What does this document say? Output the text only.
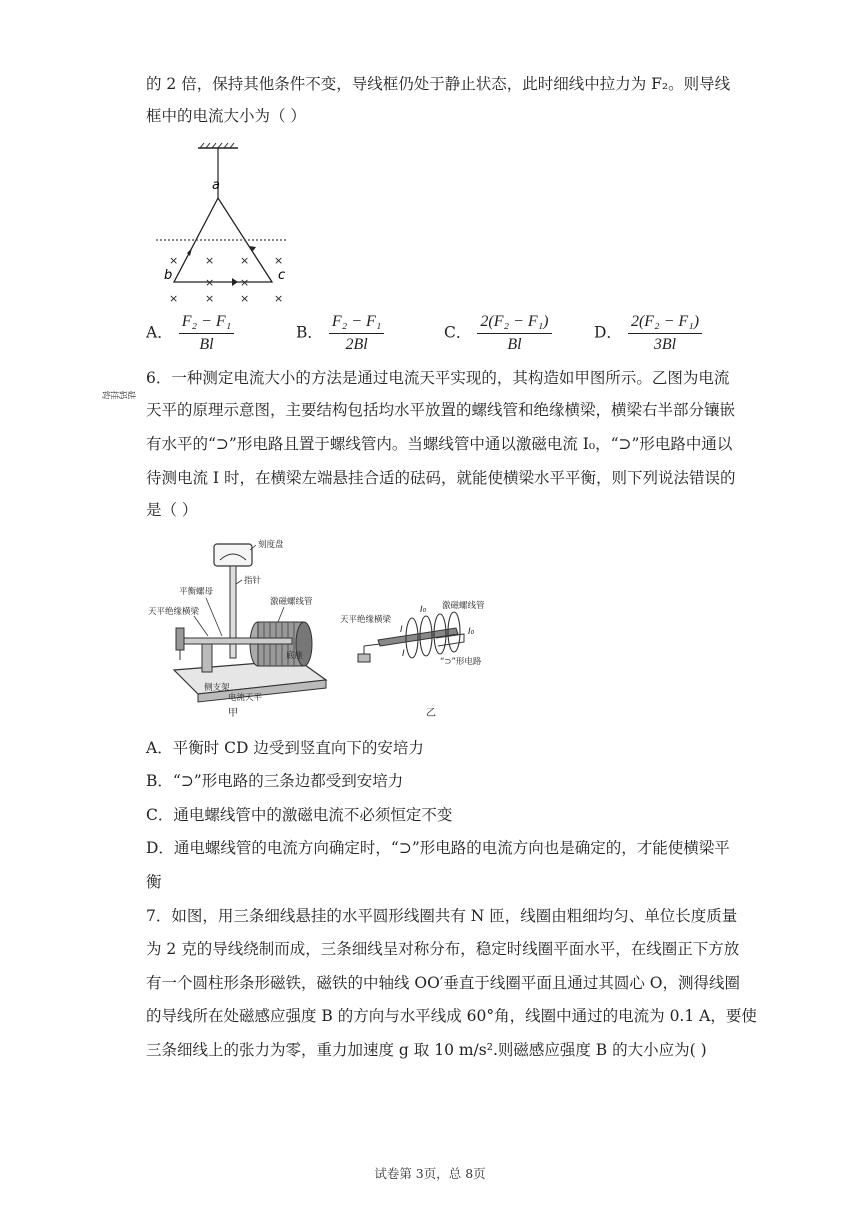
的 2 倍，保持其他条件不变，导线框仍处于静止状态，此时细线中拉力为 F₂。则导线
框中的电流大小为（ ）
a
b	c
× × × ×
× ×
× × × ×
A． $\frac{\text{F₂ − F₁}}{Bl}$	B． $\frac{\text{F₂ − F₁}}{2Bl}$	C． $\frac{\text{2(F₂ − F₁)}}{Bl}$	D． $\frac{\text{2(F₂ − F₁)}}{3Bl}$
6．一种测定电流大小的方法是通过电流天平实现的，其构造如甲图所示。乙图为电流
天平的原理示意图，主要结构包括均水平放置的螺线管和绝缘横梁，横梁右半部分镶嵌
有水平的“⊃”形电路且置于螺线管内。当螺线管中通以激磁电流 I₀，“⊃”形电路中通以
待测电流 I 时，在横梁左端悬挂合适的砝码，就能使横梁水平平衡，则下列说法错误的
是（ ）
刻度盘
指针
平衡螺母
天平绝缘横梁
激磁螺线管
侧支架
底座
电流天平
砝码挂钩
甲
天平绝缘横梁
激磁螺线管
“⊃”形电路
I₀
I₀
I
I
乙
A．平衡时 CD 边受到竖直向下的安培力
B．“⊃”形电路的三条边都受到安培力
C．通电螺线管中的激磁电流不必须恒定不变
D．通电螺线管的电流方向确定时，“⊃”形电路的电流方向也是确定的，才能使横梁平
衡
7．如图，用三条细线悬挂的水平圆形线圈共有 N 匝，线圈由粗细均匀、单位长度质量
为 2 克的导线绕制而成，三条细线呈对称分布，稳定时线圈平面水平，在线圈正下方放
有一个圆柱形条形磁铁，磁铁的中轴线 OO′垂直于线圈平面且通过其圆心 O，测得线圈
的导线所在处磁感应强度 B 的方向与水平线成 60°角，线圈中通过的电流为 0.1 A，要使
三条细线上的张力为零，重力加速度 g 取 10 m/s².则磁感应强度 B 的大小应为( )
试卷第 3页，总 8页
